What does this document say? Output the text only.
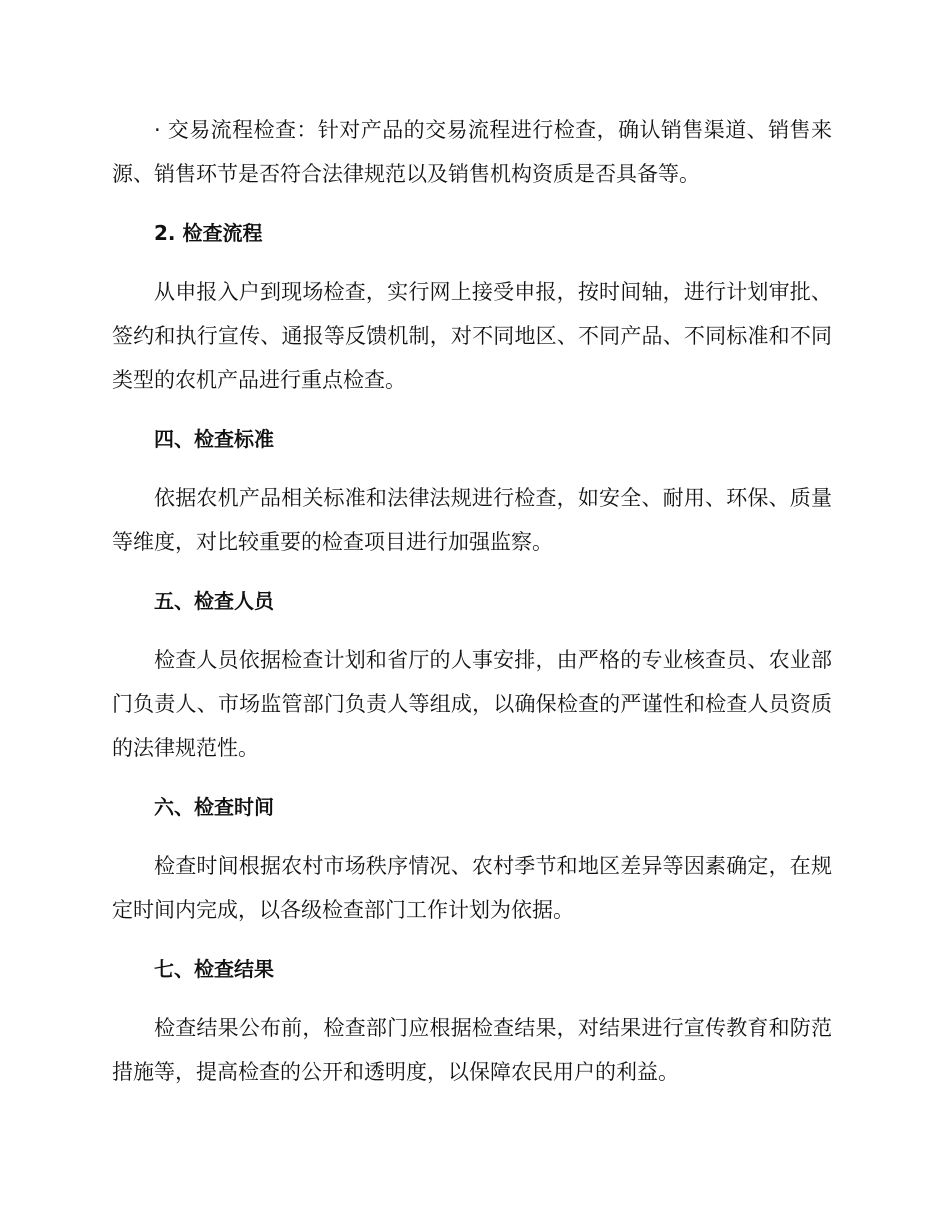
· 交易流程检查：针对产品的交易流程进行检查，确认销售渠道、销售来源、销售环节是否符合法律规范以及销售机构资质是否具备等。

2. 检查流程

从申报入户到现场检查，实行网上接受申报，按时间轴，进行计划审批、签约和执行宣传、通报等反馈机制，对不同地区、不同产品、不同标准和不同类型的农机产品进行重点检查。

四、检查标准

依据农机产品相关标准和法律法规进行检查，如安全、耐用、环保、质量等维度，对比较重要的检查项目进行加强监察。

五、检查人员

检查人员依据检查计划和省厅的人事安排，由严格的专业核查员、农业部门负责人、市场监管部门负责人等组成，以确保检查的严谨性和检查人员资质的法律规范性。

六、检查时间

检查时间根据农村市场秩序情况、农村季节和地区差异等因素确定，在规定时间内完成，以各级检查部门工作计划为依据。

七、检查结果

检查结果公布前，检查部门应根据检查结果，对结果进行宣传教育和防范措施等，提高检查的公开和透明度，以保障农民用户的利益。
